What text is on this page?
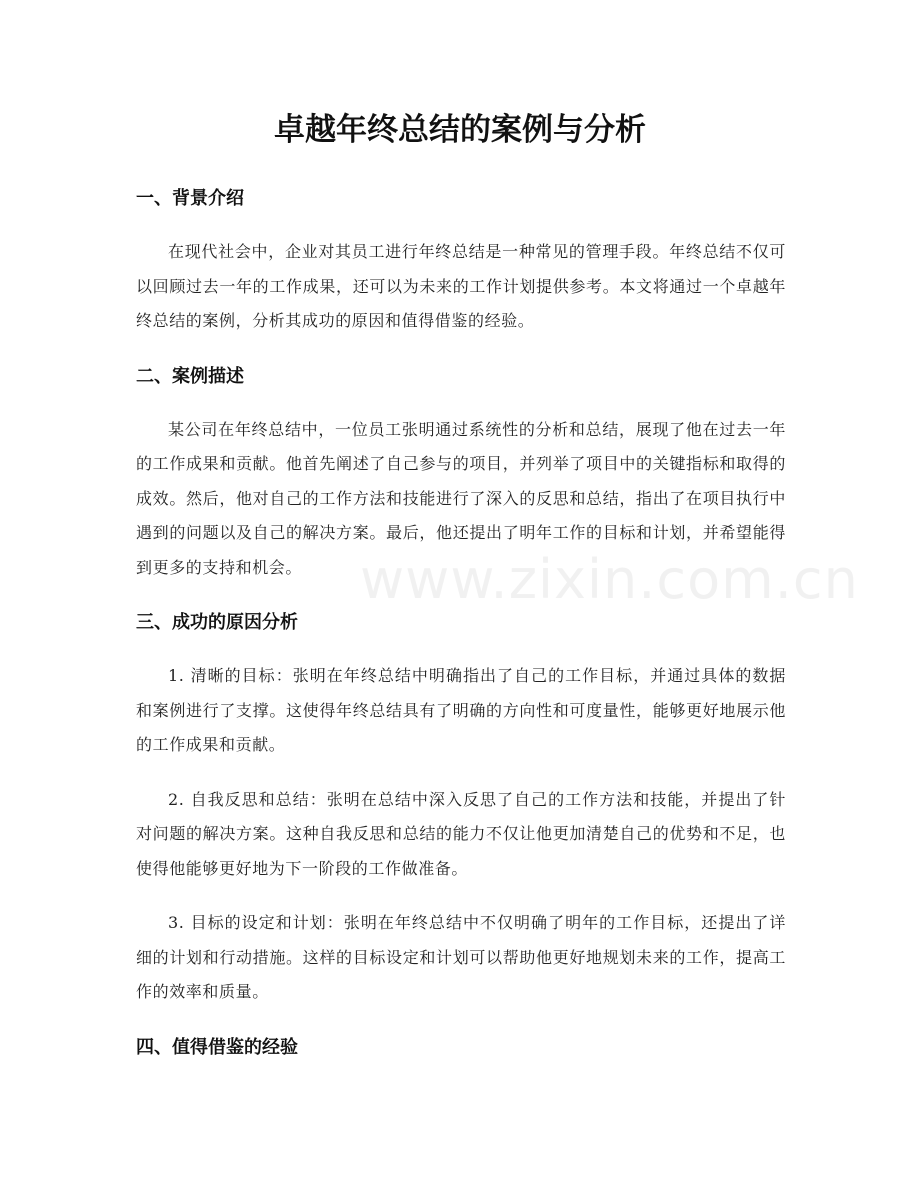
卓越年终总结的案例与分析
一、背景介绍

在现代社会中，企业对其员工进行年终总结是一种常见的管理手段。年终总结不仅可以回顾过去一年的工作成果，还可以为未来的工作计划提供参考。本文将通过一个卓越年终总结的案例，分析其成功的原因和值得借鉴的经验。

二、案例描述

某公司在年终总结中，一位员工张明通过系统性的分析和总结，展现了他在过去一年的工作成果和贡献。他首先阐述了自己参与的项目，并列举了项目中的关键指标和取得的成效。然后，他对自己的工作方法和技能进行了深入的反思和总结，指出了在项目执行中遇到的问题以及自己的解决方案。最后，他还提出了明年工作的目标和计划，并希望能得到更多的支持和机会。

三、成功的原因分析

1. 清晰的目标：张明在年终总结中明确指出了自己的工作目标，并通过具体的数据和案例进行了支撑。这使得年终总结具有了明确的方向性和可度量性，能够更好地展示他的工作成果和贡献。

2. 自我反思和总结：张明在总结中深入反思了自己的工作方法和技能，并提出了针对问题的解决方案。这种自我反思和总结的能力不仅让他更加清楚自己的优势和不足，也使得他能够更好地为下一阶段的工作做准备。

3. 目标的设定和计划：张明在年终总结中不仅明确了明年的工作目标，还提出了详细的计划和行动措施。这样的目标设定和计划可以帮助他更好地规划未来的工作，提高工作的效率和质量。

四、值得借鉴的经验
www.zixin.com.cn
